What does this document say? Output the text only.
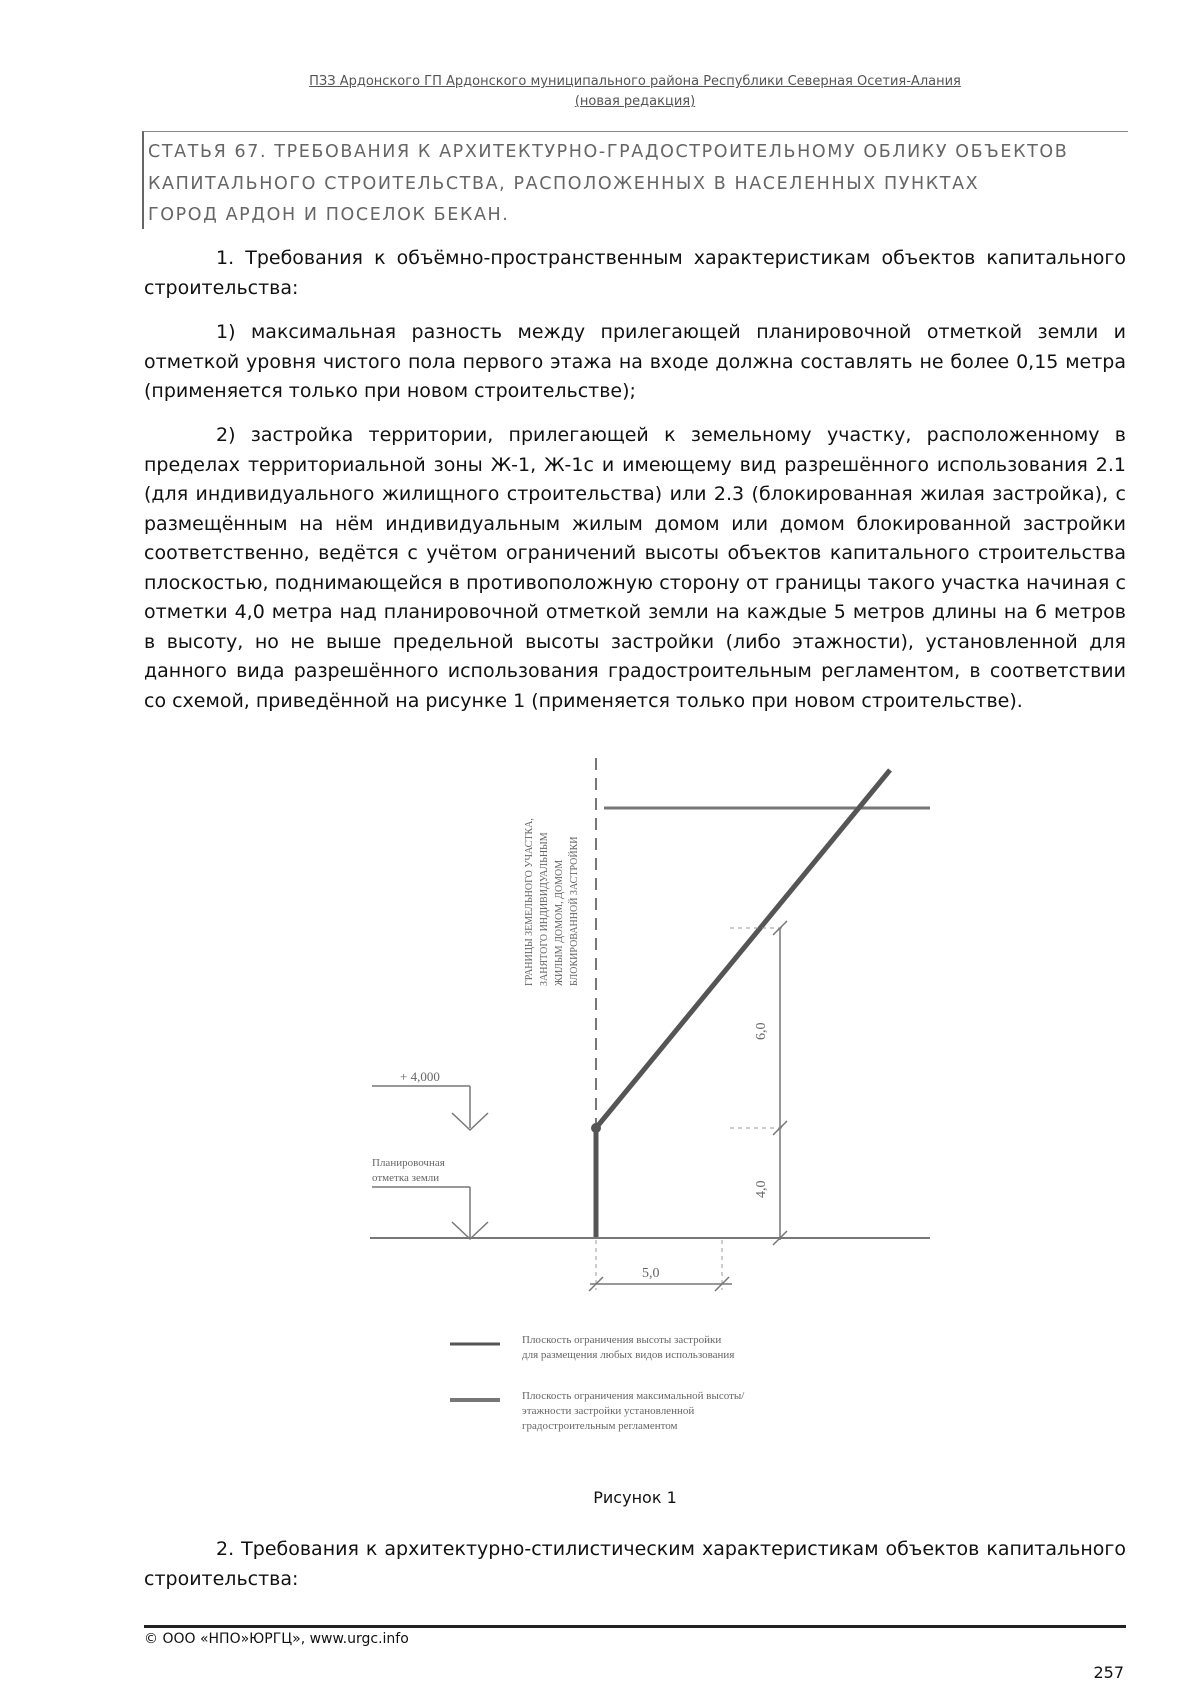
ПЗЗ Ардонского ГП Ардонского муниципального района Республики Северная Осетия-Алания
(новая редакция)
СТАТЬЯ 67. ТРЕБОВАНИЯ К АРХИТЕКТУРНО-ГРАДОСТРОИТЕЛЬНОМУ ОБЛИКУ ОБЪЕКТОВ
КАПИТАЛЬНОГО СТРОИТЕЛЬСТВА, РАСПОЛОЖЕННЫХ В НАСЕЛЕННЫХ ПУНКТАХ
ГОРОД АРДОН И ПОСЕЛОК БЕКАН.

1. Требования к объёмно-пространственным характеристикам объектов капитального строительства:

1) максимальная разность между прилегающей планировочной отметкой земли и отметкой уровня чистого пола первого этажа на входе должна составлять не более 0,15 метра (применяется только при новом строительстве);

2) застройка территории, прилегающей к земельному участку, расположенному в пределах территориальной зоны Ж-1, Ж-1с и имеющему вид разрешённого использования 2.1 (для индивидуального жилищного строительства) или 2.3 (блокированная жилая застройка), с размещённым на нём индивидуальным жилым домом или домом блокированной застройки соответственно, ведётся с учётом ограничений высоты объектов капитального строительства плоскостью, поднимающейся в противоположную сторону от границы такого участка начиная с отметки 4,0 метра над планировочной отметкой земли на каждые 5 метров длины на 6 метров в высоту, но не выше предельной высоты застройки (либо этажности), установленной для данного вида разрешённого использования градостроительным регламентом, в соответствии со схемой, приведённой на рисунке 1 (применяется только при новом строительстве).

ГРАНИЦЫ ЗЕМЕЛЬНОГО УЧАСТКА, ЗАНЯТОГО ИНДИВИДУАЛЬНЫМ ЖИЛЫМ ДОМОМ, ДОМОМ БЛОКИРОВАННОЙ ЗАСТРОЙКИ
+ 4,000
Планировочная
отметка земли
6,0
4,0
5,0
Плоскость ограничения высоты застройки
для размещения любых видов использования
Плоскость ограничения максимальной высоты/
этажности застройки установленной
градостроительным регламентом
Рисунок 1

2. Требования к архитектурно-стилистическим характеристикам объектов капитального строительства:

© ООО «НПО»ЮРГЦ», www.urgc.info
257
